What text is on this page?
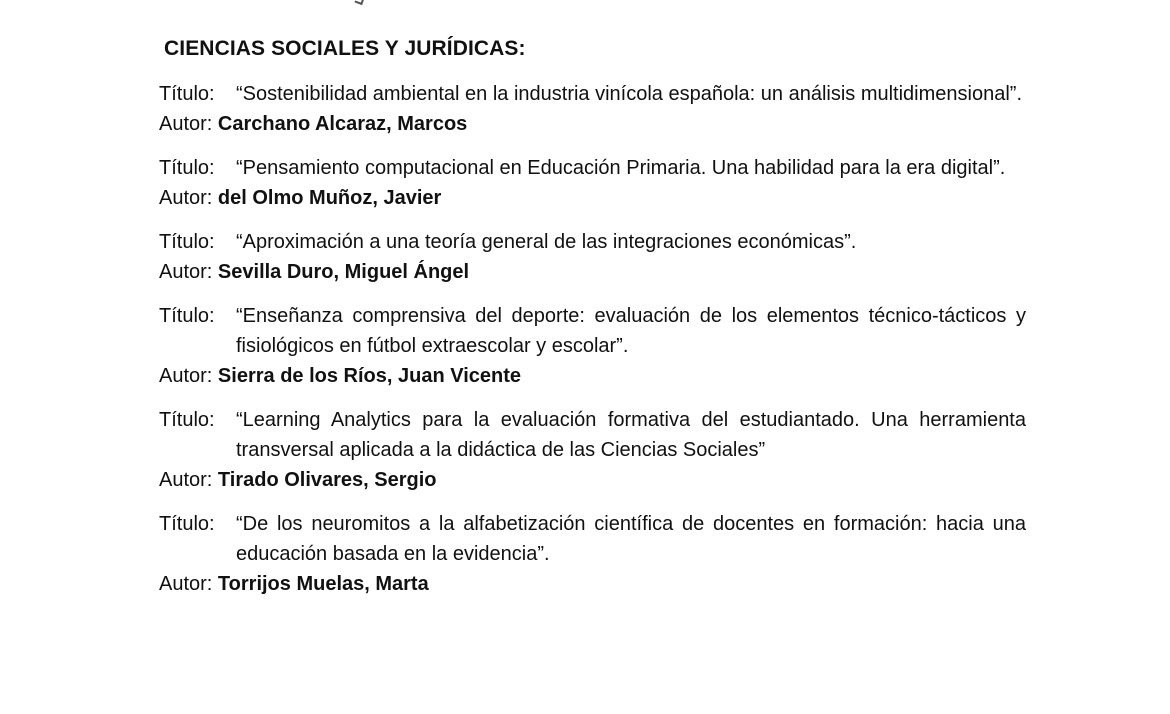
CIENCIAS SOCIALES Y JURÍDICAS:
Título: “Sostenibilidad ambiental en la industria vinícola española: un análisis multidimensional”.
Autor: Carchano Alcaraz, Marcos
Título: “Pensamiento computacional en Educación Primaria. Una habilidad para la era digital”.
Autor: del Olmo Muñoz, Javier
Título: “Aproximación a una teoría general de las integraciones económicas”.
Autor: Sevilla Duro, Miguel Ángel
Título: “Enseñanza comprensiva del deporte: evaluación de los elementos técnico-tácticos y fisiológicos en fútbol extraescolar y escolar”.
Autor: Sierra de los Ríos, Juan Vicente
Título: “Learning Analytics para la evaluación formativa del estudiantado. Una herramienta transversal aplicada a la didáctica de las Ciencias Sociales”
Autor: Tirado Olivares, Sergio
Título: “De los neuromitos a la alfabetización científica de docentes en formación: hacia una educación basada en la evidencia”.
Autor: Torrijos Muelas, Marta
